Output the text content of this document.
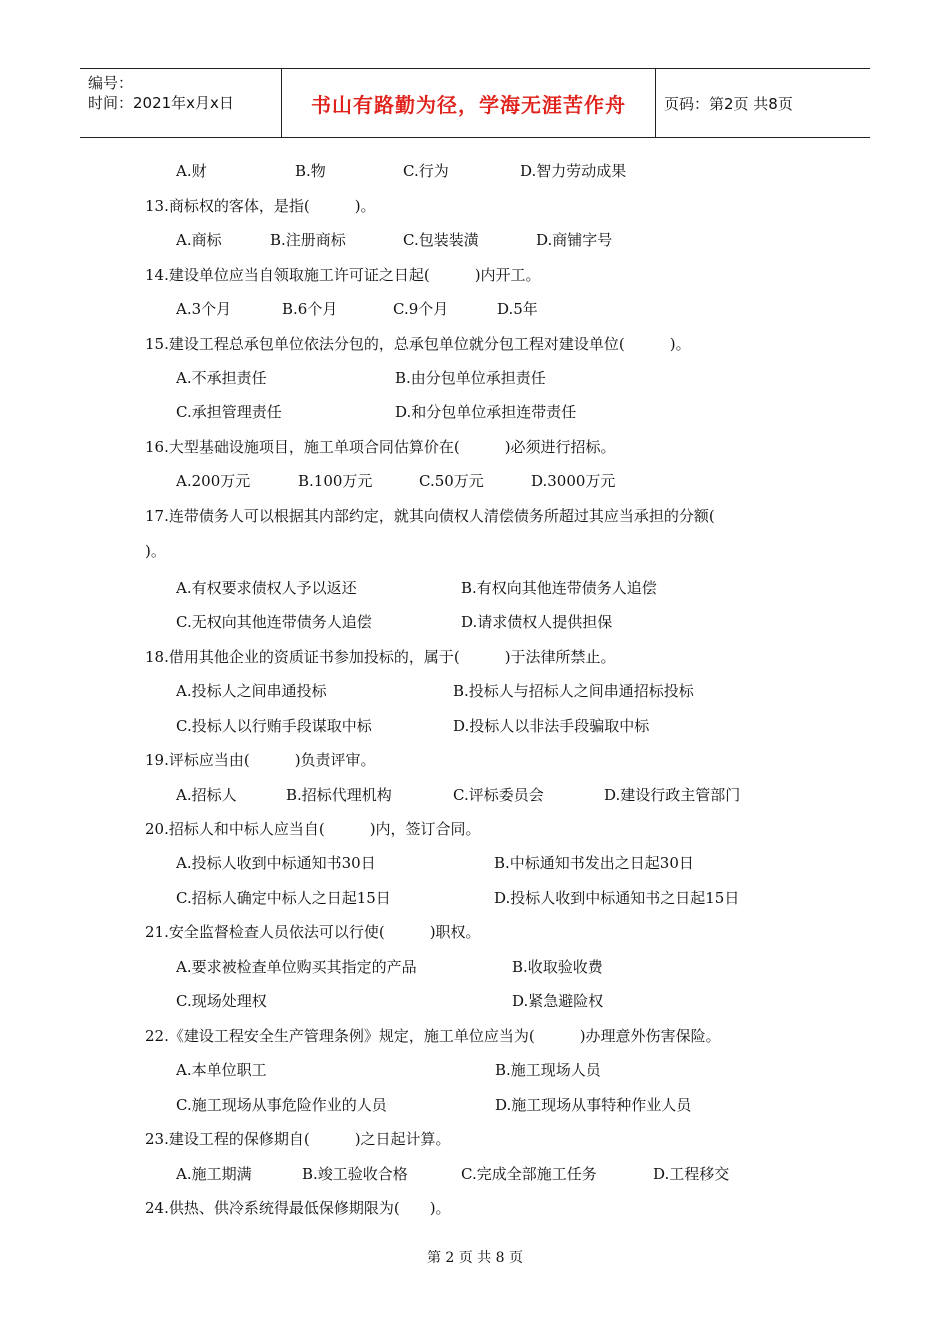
编号：
时间：2021年x月x日	书山有路勤为径，学海无涯苦作舟	页码：第2页 共8页
A.财	B.物	C.行为	D.智力劳动成果
13.商标权的客体，是指(　　　)。
A.商标	B.注册商标	C.包装装潢	D.商铺字号
14.建设单位应当自领取施工许可证之日起(　　　)内开工。
A.3个月	B.6个月	C.9个月	D.5年
15.建设工程总承包单位依法分包的，总承包单位就分包工程对建设单位(　　　)。
A.不承担责任	B.由分包单位承担责任
C.承担管理责任	D.和分包单位承担连带责任
16.大型基础设施项目，施工单项合同估算价在(　　　)必须进行招标。
A.200万元	B.100万元	C.50万元	D.3000万元
17.连带债务人可以根据其内部约定，就其向债权人清偿债务所超过其应当承担的分额(
)。
A.有权要求债权人予以返还	B.有权向其他连带债务人追偿
C.无权向其他连带债务人追偿	D.请求债权人提供担保
18.借用其他企业的资质证书参加投标的，属于(　　　)于法律所禁止。
A.投标人之间串通投标	B.投标人与招标人之间串通招标投标
C.投标人以行贿手段谋取中标	D.投标人以非法手段骗取中标
19.评标应当由(　　　)负责评审。
A.招标人	B.招标代理机构	C.评标委员会	D.建设行政主管部门
20.招标人和中标人应当自(　　　)内，签订合同。
A.投标人收到中标通知书30日	B.中标通知书发出之日起30日
C.招标人确定中标人之日起15日	D.投标人收到中标通知书之日起15日
21.安全监督检查人员依法可以行使(　　　)职权。
A.要求被检查单位购买其指定的产品	B.收取验收费
C.现场处理权	D.紧急避险权
22.《建设工程安全生产管理条例》规定，施工单位应当为(　　　)办理意外伤害保险。
A.本单位职工	B.施工现场人员
C.施工现场从事危险作业的人员	D.施工现场从事特种作业人员
23.建设工程的保修期自(　　　)之日起计算。
A.施工期满	B.竣工验收合格	C.完成全部施工任务	D.工程移交
24.供热、供冷系统得最低保修期限为(　　)。
第 2 页 共 8 页
